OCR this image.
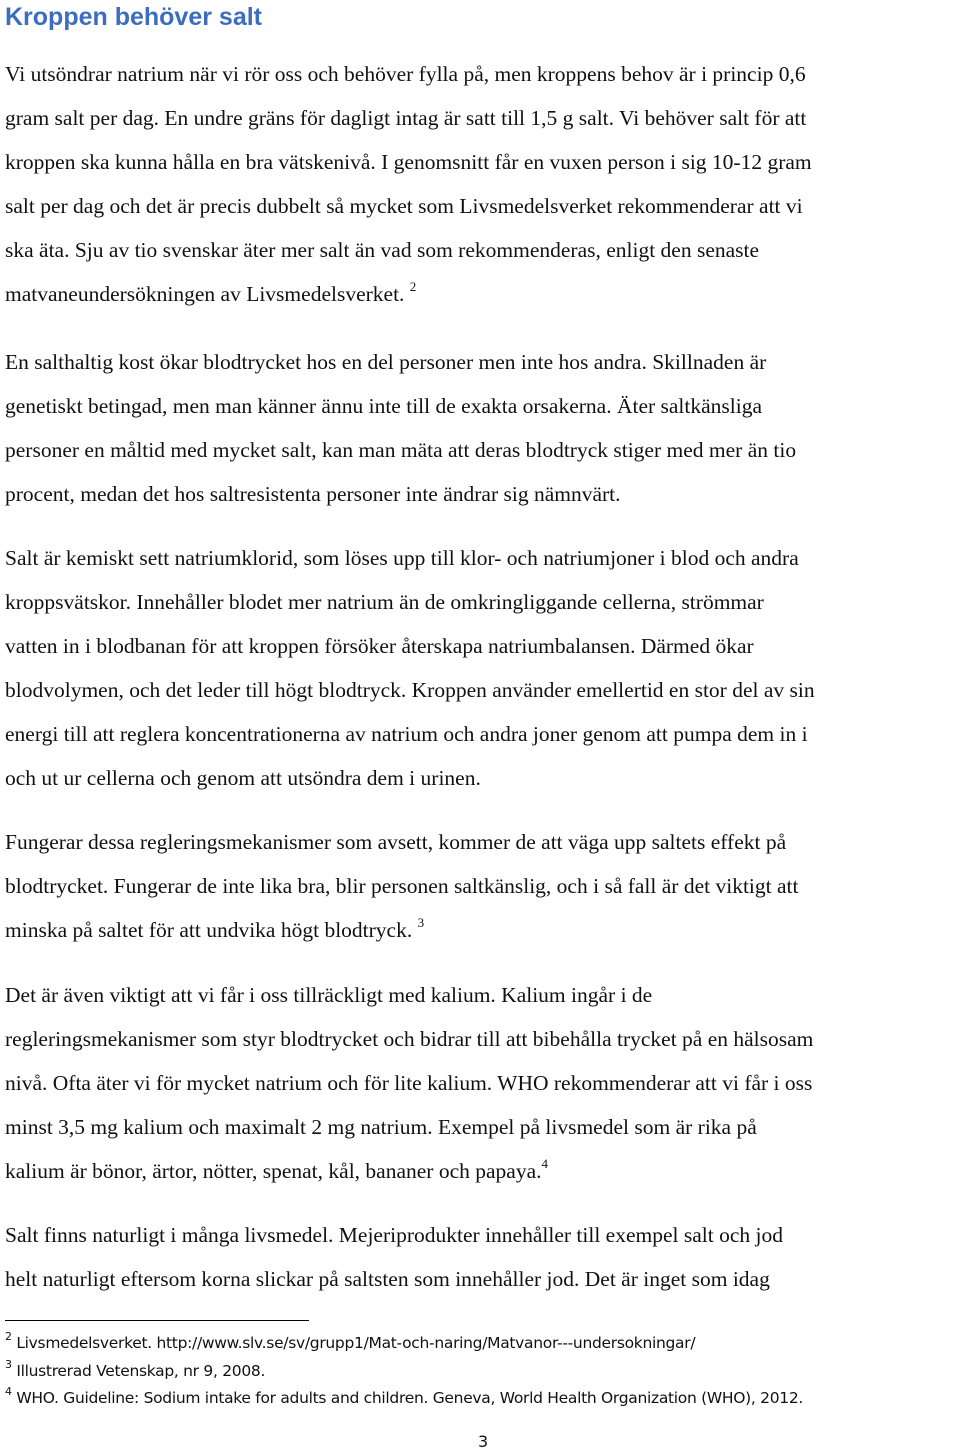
Kroppen behöver salt

Vi utsöndrar natrium när vi rör oss och behöver fylla på, men kroppens behov är i princip 0,6
gram salt per dag. En undre gräns för dagligt intag är satt till 1,5 g salt. Vi behöver salt för att
kroppen ska kunna hålla en bra vätskenivå. I genomsnitt får en vuxen person i sig 10-12 gram
salt per dag och det är precis dubbelt så mycket som Livsmedelsverket rekommenderar att vi
ska äta. Sju av tio svenskar äter mer salt än vad som rekommenderas, enligt den senaste
matvaneundersökningen av Livsmedelsverket. $^2$

En salthaltig kost ökar blodtrycket hos en del personer men inte hos andra. Skillnaden är
genetiskt betingad, men man känner ännu inte till de exakta orsakerna. Äter saltkänsliga
personer en måltid med mycket salt, kan man mäta att deras blodtryck stiger med mer än tio
procent, medan det hos saltresistenta personer inte ändrar sig nämnvärt.

Salt är kemiskt sett natriumklorid, som löses upp till klor- och natriumjoner i blod och andra
kroppsvätskor. Innehåller blodet mer natrium än de omkringliggande cellerna, strömmar
vatten in i blodbanan för att kroppen försöker återskapa natriumbalansen. Därmed ökar
blodvolymen, och det leder till högt blodtryck. Kroppen använder emellertid en stor del av sin
energi till att reglera koncentrationerna av natrium och andra joner genom att pumpa dem in i
och ut ur cellerna och genom att utsöndra dem i urinen.

Fungerar dessa regleringsmekanismer som avsett, kommer de att väga upp saltets effekt på
blodtrycket. Fungerar de inte lika bra, blir personen saltkänslig, och i så fall är det viktigt att
minska på saltet för att undvika högt blodtryck. $^3$

Det är även viktigt att vi får i oss tillräckligt med kalium. Kalium ingår i de
regleringsmekanismer som styr blodtrycket och bidrar till att bibehålla trycket på en hälsosam
nivå. Ofta äter vi för mycket natrium och för lite kalium. WHO rekommenderar att vi får i oss
minst 3,5 mg kalium och maximalt 2 mg natrium. Exempel på livsmedel som är rika på
kalium är bönor, ärtor, nötter, spenat, kål, bananer och papaya.$^4$

Salt finns naturligt i många livsmedel. Mejeriprodukter innehåller till exempel salt och jod
helt naturligt eftersom korna slickar på saltsten som innehåller jod. Det är inget som idag

$^2$ Livsmedelsverket. http://www.slv.se/sv/grupp1/Mat-och-naring/Matvanor---undersokningar/

$^3$ Illustrerad Vetenskap, nr 9, 2008.

$^4$ WHO. Guideline: Sodium intake for adults and children. Geneva, World Health Organization (WHO), 2012.

3
